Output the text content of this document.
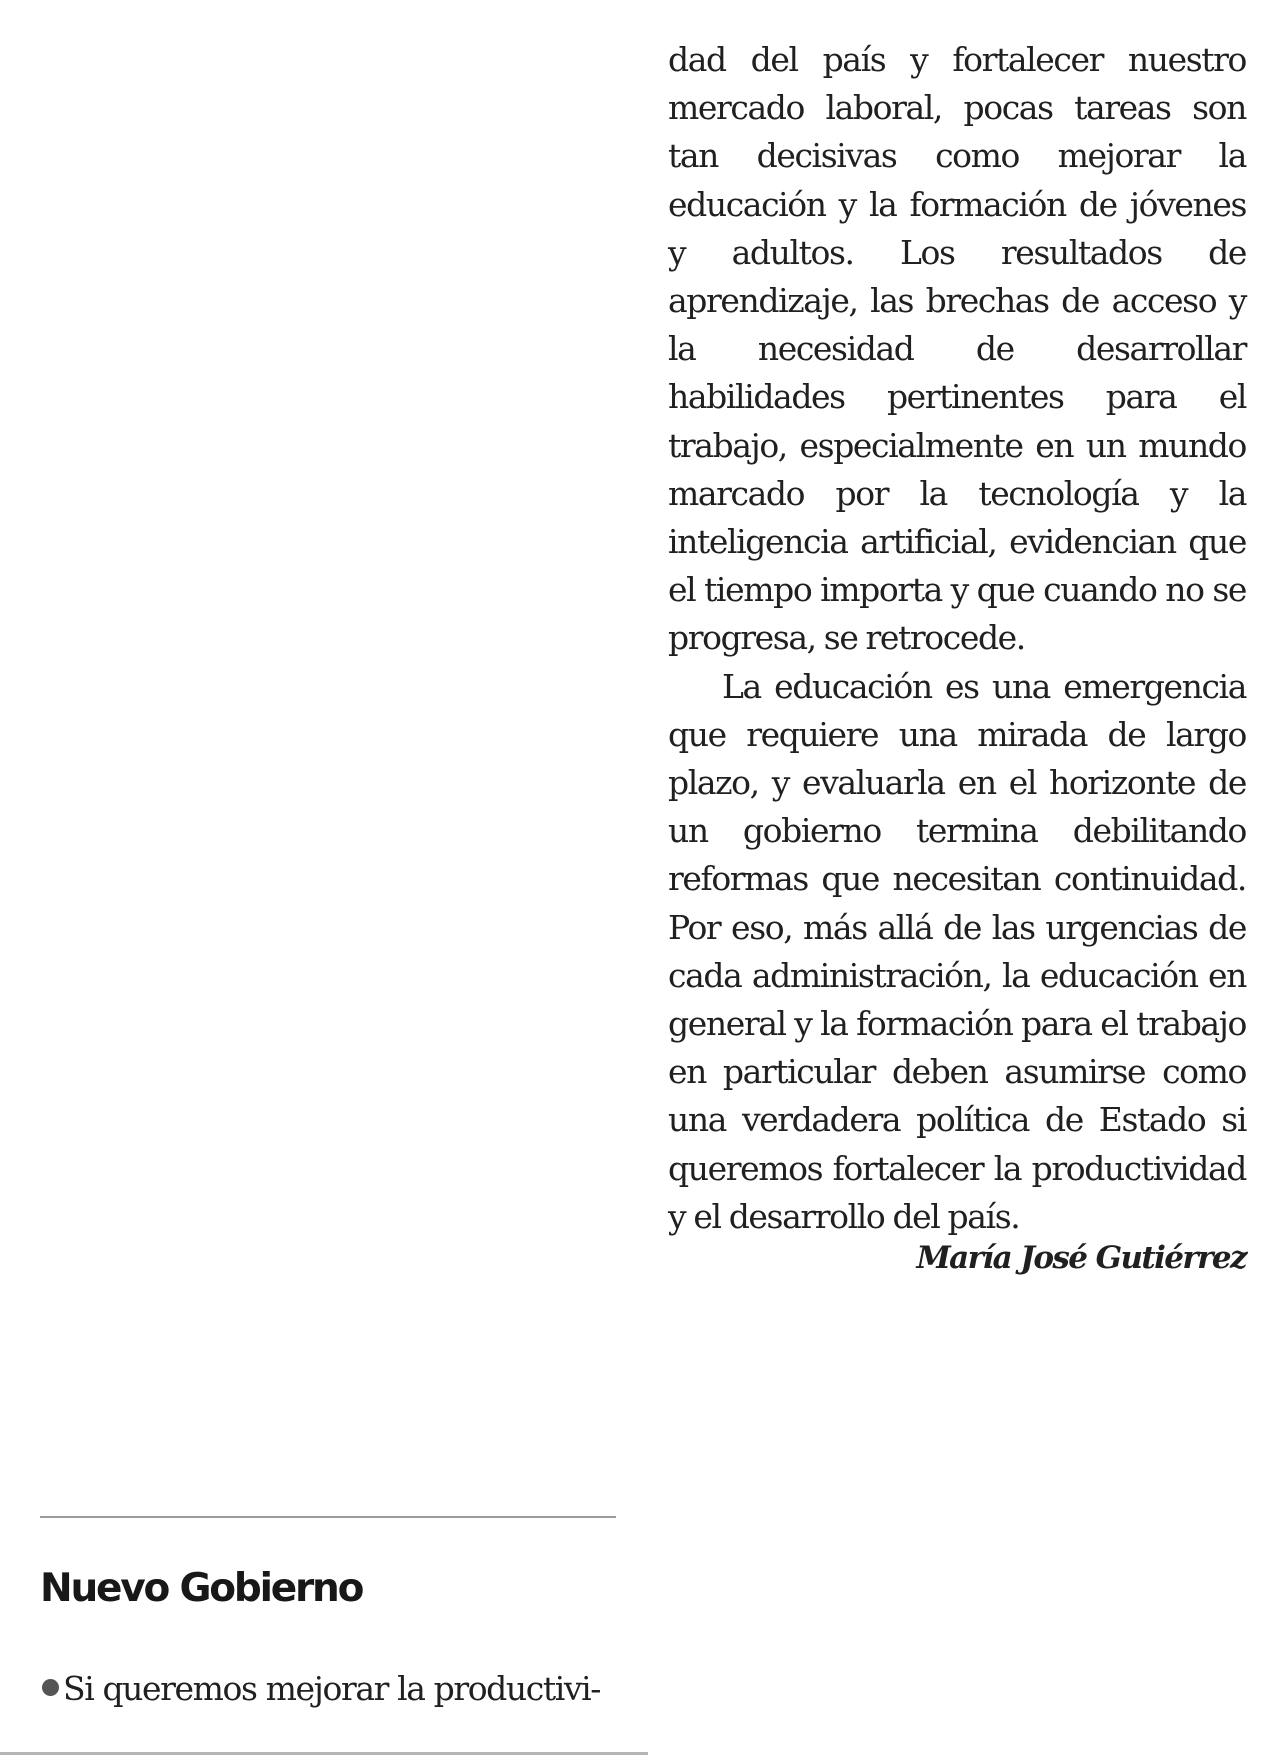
dad del país y fortalecer nuestro mercado laboral, pocas tareas son tan decisivas como mejorar la educación y la formación de jóvenes y adultos. Los resultados de aprendizaje, las brechas de acceso y la necesidad de desarrollar habilidades pertinentes para el trabajo, especialmente en un mundo marcado por la tecnología y la inteligencia artificial, evidencian que el tiempo importa y que cuando no se progresa, se retrocede.

La educación es una emergencia que requiere una mirada de largo plazo, y evaluarla en el horizonte de un gobierno termina debilitando reformas que necesitan continuidad. Por eso, más allá de las urgencias de cada administración, la educación en general y la formación para el trabajo en particular deben asumirse como una verdadera política de Estado si queremos fortalecer la productividad y el desarrollo del país.

María José Gutiérrez
Nuevo Gobierno

Si queremos mejorar la productivi-
